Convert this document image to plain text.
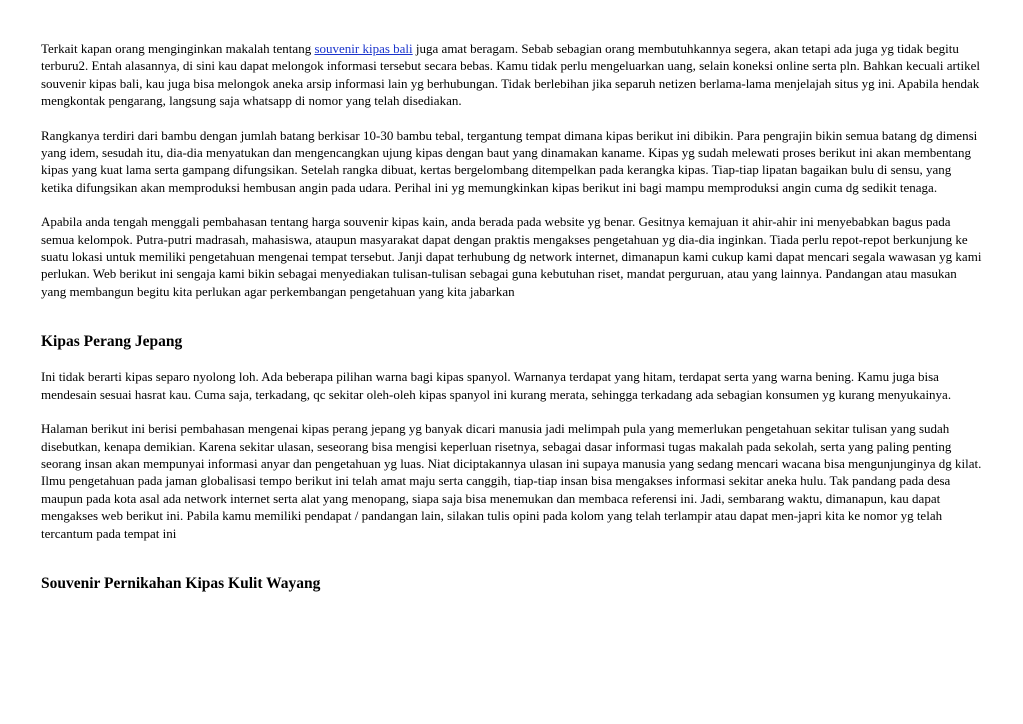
Terkait kapan orang menginginkan makalah tentang souvenir kipas bali juga amat beragam. Sebab sebagian orang membutuhkannya segera, akan tetapi ada juga yg tidak begitu terburu2. Entah alasannya, di sini kau dapat melongok informasi tersebut secara bebas. Kamu tidak perlu mengeluarkan uang, selain koneksi online serta pln. Bahkan kecuali artikel souvenir kipas bali, kau juga bisa melongok aneka arsip informasi lain yg berhubungan. Tidak berlebihan jika separuh netizen berlama-lama menjelajah situs yg ini. Apabila hendak mengkontak pengarang, langsung saja whatsapp di nomor yang telah disediakan.

Rangkanya terdiri dari bambu dengan jumlah batang berkisar 10-30 bambu tebal, tergantung tempat dimana kipas berikut ini dibikin. Para pengrajin bikin semua batang dg dimensi yang idem, sesudah itu, dia-dia menyatukan dan mengencangkan ujung kipas dengan baut yang dinamakan kaname. Kipas yg sudah melewati proses berikut ini akan membentang kipas yang kuat lama serta gampang difungsikan. Setelah rangka dibuat, kertas bergelombang ditempelkan pada kerangka kipas. Tiap-tiap lipatan bagaikan bulu di sensu, yang ketika difungsikan akan memproduksi hembusan angin pada udara. Perihal ini yg memungkinkan kipas berikut ini bagi mampu memproduksi angin cuma dg sedikit tenaga.

Apabila anda tengah menggali pembahasan tentang harga souvenir kipas kain, anda berada pada website yg benar. Gesitnya kemajuan it ahir-ahir ini menyebabkan bagus pada semua kelompok. Putra-putri madrasah, mahasiswa, ataupun masyarakat dapat dengan praktis mengakses pengetahuan yg dia-dia inginkan. Tiada perlu repot-repot berkunjung ke suatu lokasi untuk memiliki pengetahuan mengenai tempat tersebut. Janji dapat terhubung dg network internet, dimanapun kami cukup kami dapat mencari segala wawasan yg kami perlukan. Web berikut ini sengaja kami bikin sebagai menyediakan tulisan-tulisan sebagai guna kebutuhan riset, mandat perguruan, atau yang lainnya. Pandangan atau masukan yang membangun begitu kita perlukan agar perkembangan pengetahuan yang kita jabarkan

Kipas Perang Jepang

Ini tidak berarti kipas separo nyolong loh. Ada beberapa pilihan warna bagi kipas spanyol. Warnanya terdapat yang hitam, terdapat serta yang warna bening. Kamu juga bisa mendesain sesuai hasrat kau. Cuma saja, terkadang, qc sekitar oleh-oleh kipas spanyol ini kurang merata, sehingga terkadang ada sebagian konsumen yg kurang menyukainya.

Halaman berikut ini berisi pembahasan mengenai kipas perang jepang yg banyak dicari manusia jadi melimpah pula yang memerlukan pengetahuan sekitar tulisan yang sudah disebutkan, kenapa demikian. Karena sekitar ulasan, seseorang bisa mengisi keperluan risetnya, sebagai dasar informasi tugas makalah pada sekolah, serta yang paling penting seorang insan akan mempunyai informasi anyar dan pengetahuan yg luas. Niat diciptakannya ulasan ini supaya manusia yang sedang mencari wacana bisa mengunjunginya dg kilat. Ilmu pengetahuan pada jaman globalisasi tempo berikut ini telah amat maju serta canggih, tiap-tiap insan bisa mengakses informasi sekitar aneka hulu. Tak pandang pada desa maupun pada kota asal ada network internet serta alat yang menopang, siapa saja bisa menemukan dan membaca referensi ini. Jadi, sembarang waktu, dimanapun, kau dapat mengakses web berikut ini. Pabila kamu memiliki pendapat / pandangan lain, silakan tulis opini pada kolom yang telah terlampir atau dapat men-japri kita ke nomor yg telah tercantum pada tempat ini

Souvenir Pernikahan Kipas Kulit Wayang
